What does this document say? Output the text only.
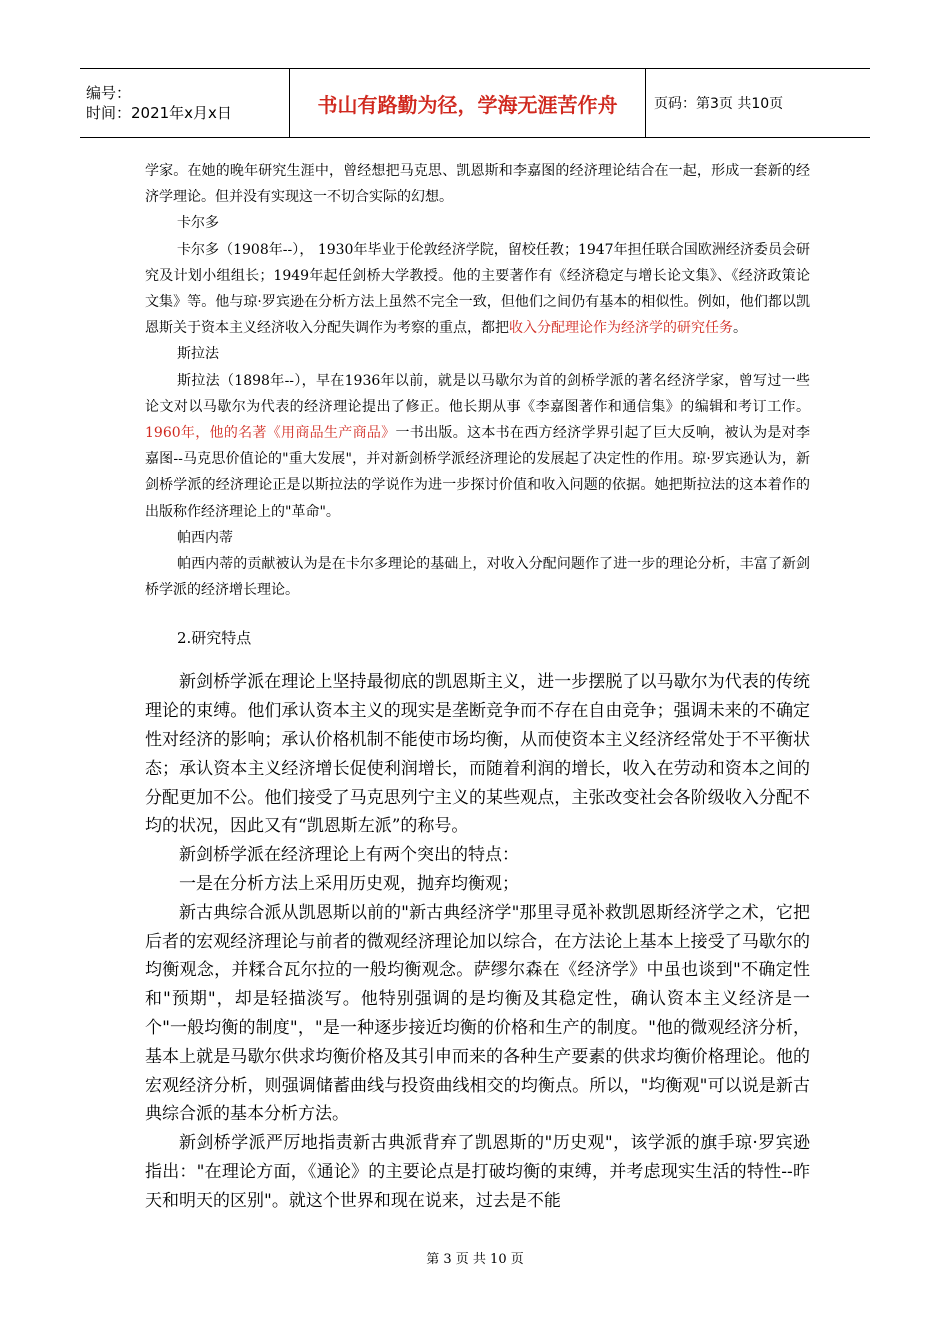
编号：
时间：2021年x月x日	书山有路勤为径，学海无涯苦作舟	页码：第3页 共10页

学家。在她的晚年研究生涯中，曾经想把马克思、凯恩斯和李嘉图的经济理论结合在一起，形成一套新的经济学理论。但并没有实现这一不切合实际的幻想。

卡尔多

卡尔多（1908年--）， 1930年毕业于伦敦经济学院，留校任教；1947年担任联合国欧洲经济委员会研究及计划小组组长；1949年起任剑桥大学教授。他的主要著作有《经济稳定与增长论文集》、《经济政策论文集》等。他与琼·罗宾逊在分析方法上虽然不完全一致，但他们之间仍有基本的相似性。例如，他们都以凯恩斯关于资本主义经济收入分配失调作为考察的重点，都把收入分配理论作为经济学的研究任务。

斯拉法

斯拉法（1898年--），早在1936年以前，就是以马歇尔为首的剑桥学派的著名经济学家，曾写过一些论文对以马歇尔为代表的经济理论提出了修正。他长期从事《李嘉图著作和通信集》的编辑和考订工作。1960年，他的名著《用商品生产商品》一书出版。这本书在西方经济学界引起了巨大反响，被认为是对李嘉图--马克思价值论的"重大发展"，并对新剑桥学派经济理论的发展起了决定性的作用。琼·罗宾逊认为，新剑桥学派的经济理论正是以斯拉法的学说作为进一步探讨价值和收入问题的依据。她把斯拉法的这本着作的出版称作经济理论上的"革命"。

帕西内蒂

帕西内蒂的贡献被认为是在卡尔多理论的基础上，对收入分配问题作了进一步的理论分析，丰富了新剑桥学派的经济增长理论。

2.研究特点

新剑桥学派在理论上坚持最彻底的凯恩斯主义，进一步摆脱了以马歇尔为代表的传统理论的束缚。他们承认资本主义的现实是垄断竞争而不存在自由竞争；强调未来的不确定性对经济的影响；承认价格机制不能使市场均衡，从而使资本主义经济经常处于不平衡状态；承认资本主义经济增长促使利润增长，而随着利润的增长，收入在劳动和资本之间的分配更加不公。他们接受了马克思列宁主义的某些观点，主张改变社会各阶级收入分配不均的状况，因此又有“凯恩斯左派”的称号。

新剑桥学派在经济理论上有两个突出的特点：

一是在分析方法上采用历史观，抛弃均衡观；

新古典综合派从凯恩斯以前的"新古典经济学"那里寻觅补救凯恩斯经济学之术，它把后者的宏观经济理论与前者的微观经济理论加以综合，在方法论上基本上接受了马歇尔的均衡观念，并糅合瓦尔拉的一般均衡观念。萨缪尔森在《经济学》中虽也谈到"不确定性和"预期"，却是轻描淡写。他特别强调的是均衡及其稳定性，确认资本主义经济是一个"一般均衡的制度"，"是一种逐步接近均衡的价格和生产的制度。"他的微观经济分析，基本上就是马歇尔供求均衡价格及其引申而来的各种生产要素的供求均衡价格理论。他的宏观经济分析，则强调储蓄曲线与投资曲线相交的均衡点。所以，"均衡观"可以说是新古典综合派的基本分析方法。

新剑桥学派严厉地指责新古典派背弃了凯恩斯的"历史观"，该学派的旗手琼·罗宾逊指出："在理论方面，《通论》的主要论点是打破均衡的束缚，并考虑现实生活的特性--昨天和明天的区别"。就这个世界和现在说来，过去是不能

第 3 页 共 10 页
